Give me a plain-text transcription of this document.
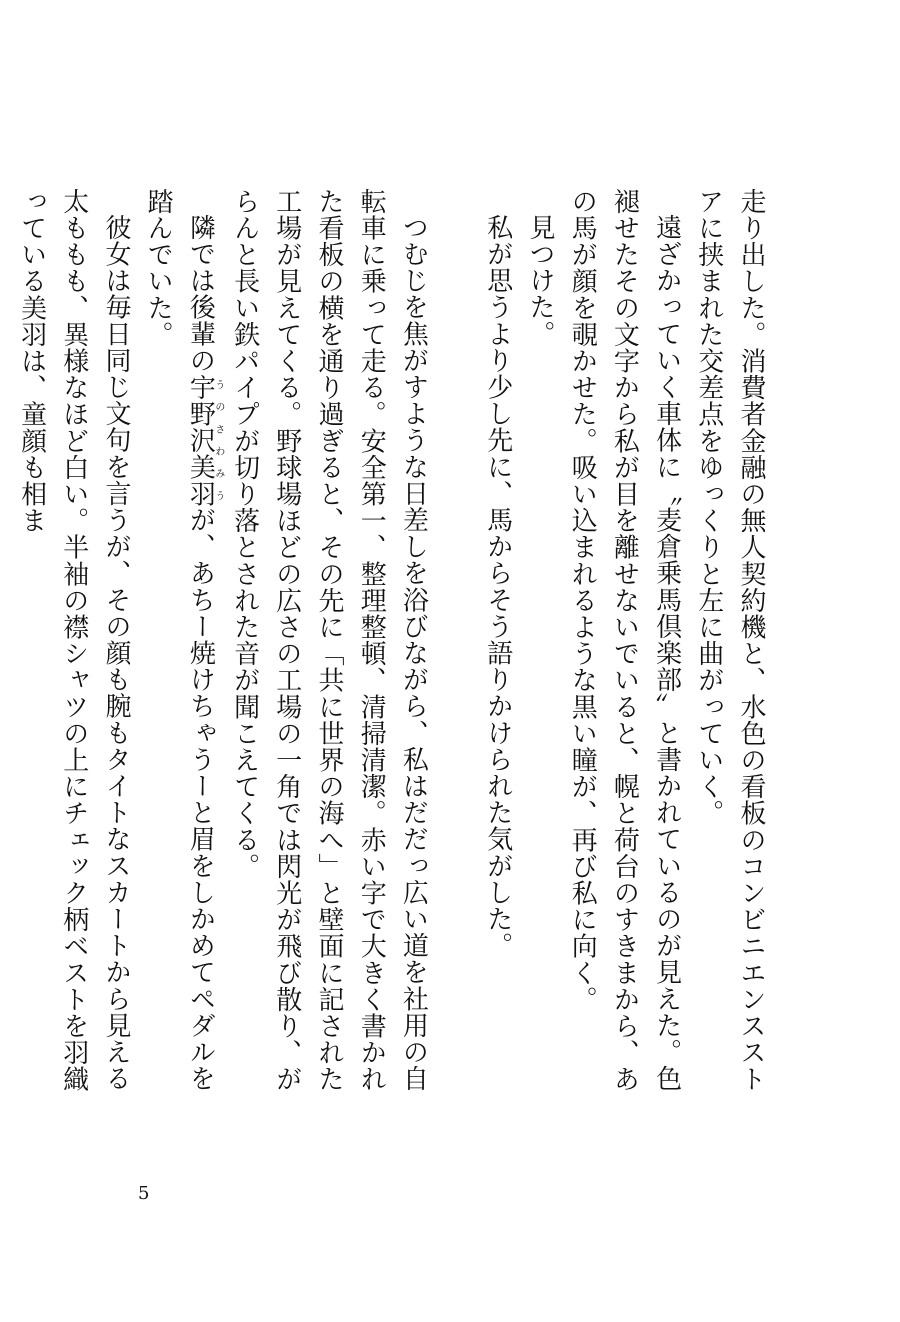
走り出した。消費者金融の無人契約機と、水色の看板のコンビニエンスストアに挟まれた交差点をゆっくりと左に曲がっていく。

遠ざかっていく車体に〝麦倉乗馬倶楽部〟と書かれているのが見えた。色褪せたその文字から私が目を離せないでいると、幌と荷台のすきまから、あの馬が顔を覗かせた。吸い込まれるような黒い瞳が、再び私に向く。

見つけた。

私が思うより少し先に、馬からそう語りかけられた気がした。

つむじを焦がすような日差しを浴びながら、私はだだっ広い道を社用の自転車に乗って走る。安全第一、整理整頓、清掃清潔。赤い字で大きく書かれた看板の横を通り過ぎると、その先に「共に世界の海へ」と壁面に記された工場が見えてくる。野球場ほどの広さの工場の一角では閃光が飛び散り、がらんと長い鉄パイプが切り落とされた音が聞こえてくる。

隣では後輩の宇野沢美羽うのさわみうが、あちー焼けちゃうーと眉をしかめてペダルを踏んでいた。

彼女は毎日同じ文句を言うが、その顔も腕もタイトなスカートから見える太ももも、異様なほど白い。半袖の襟シャツの上にチェック柄ベストを羽織っている美羽は、童顔も相ま

5
